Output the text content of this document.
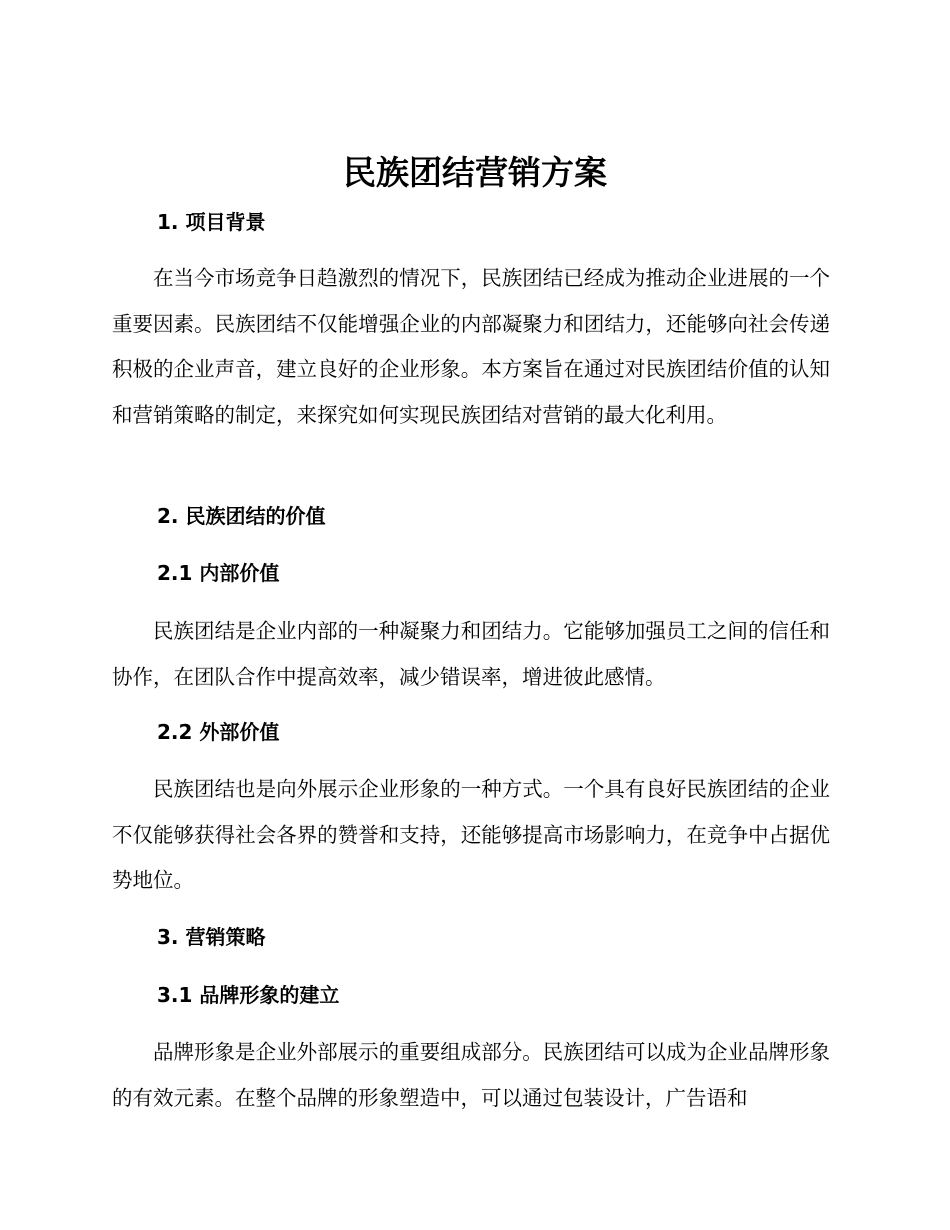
民族团结营销方案
1. 项目背景

在当今市场竞争日趋激烈的情况下，民族团结已经成为推动企业进展的一个重要因素。民族团结不仅能增强企业的内部凝聚力和团结力，还能够向社会传递积极的企业声音，建立良好的企业形象。本方案旨在通过对民族团结价值的认知和营销策略的制定，来探究如何实现民族团结对营销的最大化利用。

2. 民族团结的价值
2.1 内部价值

民族团结是企业内部的一种凝聚力和团结力。它能够加强员工之间的信任和协作，在团队合作中提高效率，减少错误率，增进彼此感情。

2.2 外部价值

民族团结也是向外展示企业形象的一种方式。一个具有良好民族团结的企业不仅能够获得社会各界的赞誉和支持，还能够提高市场影响力，在竞争中占据优势地位。

3. 营销策略
3.1 品牌形象的建立

品牌形象是企业外部展示的重要组成部分。民族团结可以成为企业品牌形象的有效元素。在整个品牌的形象塑造中，可以通过包装设计，广告语和
